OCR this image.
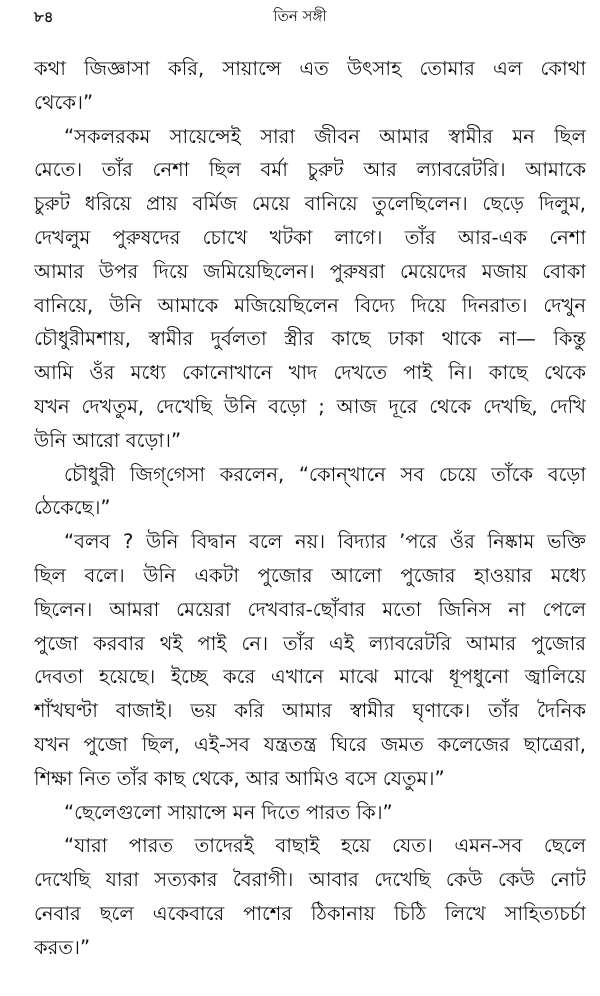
৮৪	তিন সঙ্গী
কথা জিজ্ঞাসা করি, সায়ান্সে এত উৎসাহ তোমার এল কোথা
থেকে।”
“সকলরকম সায়েন্সেই সারা জীবন আমার স্বামীর মন ছিল
মেতে। তাঁর নেশা ছিল বর্মা চুরুট আর ল্যাবরেটরি। আমাকে
চুরুট ধরিয়ে প্রায় বর্মিজ মেয়ে বানিয়ে তুলেছিলেন। ছেড়ে দিলুম,
দেখলুম পুরুষদের চোখে খটকা লাগে। তাঁর আর-এক নেশা
আমার উপর দিয়ে জমিয়েছিলেন। পুরুষরা মেয়েদের মজায় বোকা
বানিয়ে, উনি আমাকে মজিয়েছিলেন বিদ্যে দিয়ে দিনরাত। দেখুন
চৌধুরীমশায়, স্বামীর দুর্বলতা স্ত্রীর কাছে ঢাকা থাকে না— কিন্তু
আমি ওঁর মধ্যে কোনোখানে খাদ দেখতে পাই নি। কাছে থেকে
যখন দেখতুম, দেখেছি উনি বড়ো ; আজ দূরে থেকে দেখছি, দেখি
উনি আরো বড়ো।”
চৌধুরী জিগ্‌গেসা করলেন, “কোন্‌খানে সব চেয়ে তাঁকে বড়ো
ঠেকেছে।”
“বলব ? উনি বিদ্বান বলে নয়। বিদ্যার ’পরে ওঁর নিষ্কাম ভক্তি
ছিল বলে। উনি একটা পুজোর আলো পুজোর হাওয়ার মধ্যে
ছিলেন। আমরা মেয়েরা দেখবার-ছোঁবার মতো জিনিস না পেলে
পুজো করবার থই পাই নে। তাঁর এই ল্যাবরেটরি আমার পুজোর
দেবতা হয়েছে। ইচ্ছে করে এখানে মাঝে মাঝে ধূপধুনো জ্বালিয়ে
শাঁখঘণ্টা বাজাই। ভয় করি আমার স্বামীর ঘৃণাকে। তাঁর দৈনিক
যখন পুজো ছিল, এই-সব যন্ত্রতন্ত্র ঘিরে জমত কলেজের ছাত্রেরা,
শিক্ষা নিত তাঁর কাছ থেকে, আর আমিও বসে যেতুম।”
“ছেলেগুলো সায়ান্সে মন দিতে পারত কি।”
“যারা পারত তাদেরই বাছাই হয়ে যেত। এমন-সব ছেলে
দেখেছি যারা সত্যকার বৈরাগী। আবার দেখেছি কেউ কেউ নোট
নেবার ছলে একেবারে পাশের ঠিকানায় চিঠি লিখে সাহিত্যচর্চা
করত।”
